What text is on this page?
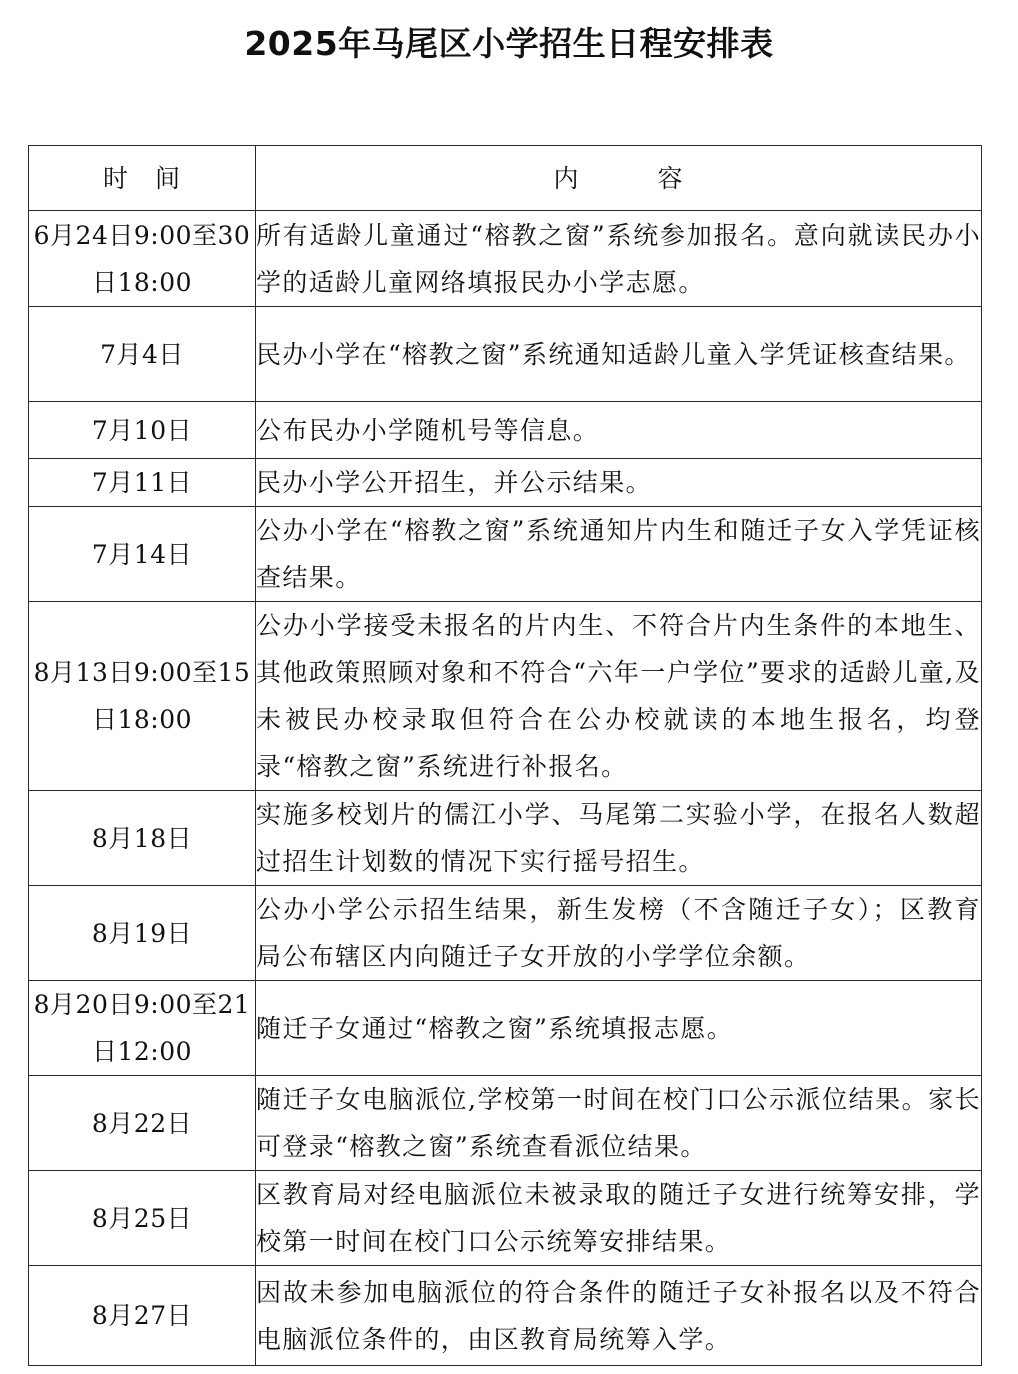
2025年马尾区小学招生日程安排表
时　间	内　　　容
6月24日9:00至30日18:00	所有适龄儿童通过“榕教之窗”系统参加报名。意向就读民办小学的适龄儿童网络填报民办小学志愿。
7月4日	民办小学在“榕教之窗”系统通知适龄儿童入学凭证核查结果。
7月10日	公布民办小学随机号等信息。
7月11日	民办小学公开招生，并公示结果。
7月14日	公办小学在“榕教之窗”系统通知片内生和随迁子女入学凭证核查结果。
8月13日9:00至15日18:00	公办小学接受未报名的片内生、不符合片内生条件的本地生、其他政策照顾对象和不符合“六年一户学位”要求的适龄儿童,及未被民办校录取但符合在公办校就读的本地生报名，均登录“榕教之窗”系统进行补报名。
8月18日	实施多校划片的儒江小学、马尾第二实验小学，在报名人数超过招生计划数的情况下实行摇号招生。
8月19日	公办小学公示招生结果，新生发榜（不含随迁子女）；区教育局公布辖区内向随迁子女开放的小学学位余额。
8月20日9:00至21日12:00	随迁子女通过“榕教之窗”系统填报志愿。
8月22日	随迁子女电脑派位,学校第一时间在校门口公示派位结果。家长可登录“榕教之窗”系统查看派位结果。
8月25日	区教育局对经电脑派位未被录取的随迁子女进行统筹安排，学校第一时间在校门口公示统筹安排结果。
8月27日	因故未参加电脑派位的符合条件的随迁子女补报名以及不符合电脑派位条件的，由区教育局统筹入学。
